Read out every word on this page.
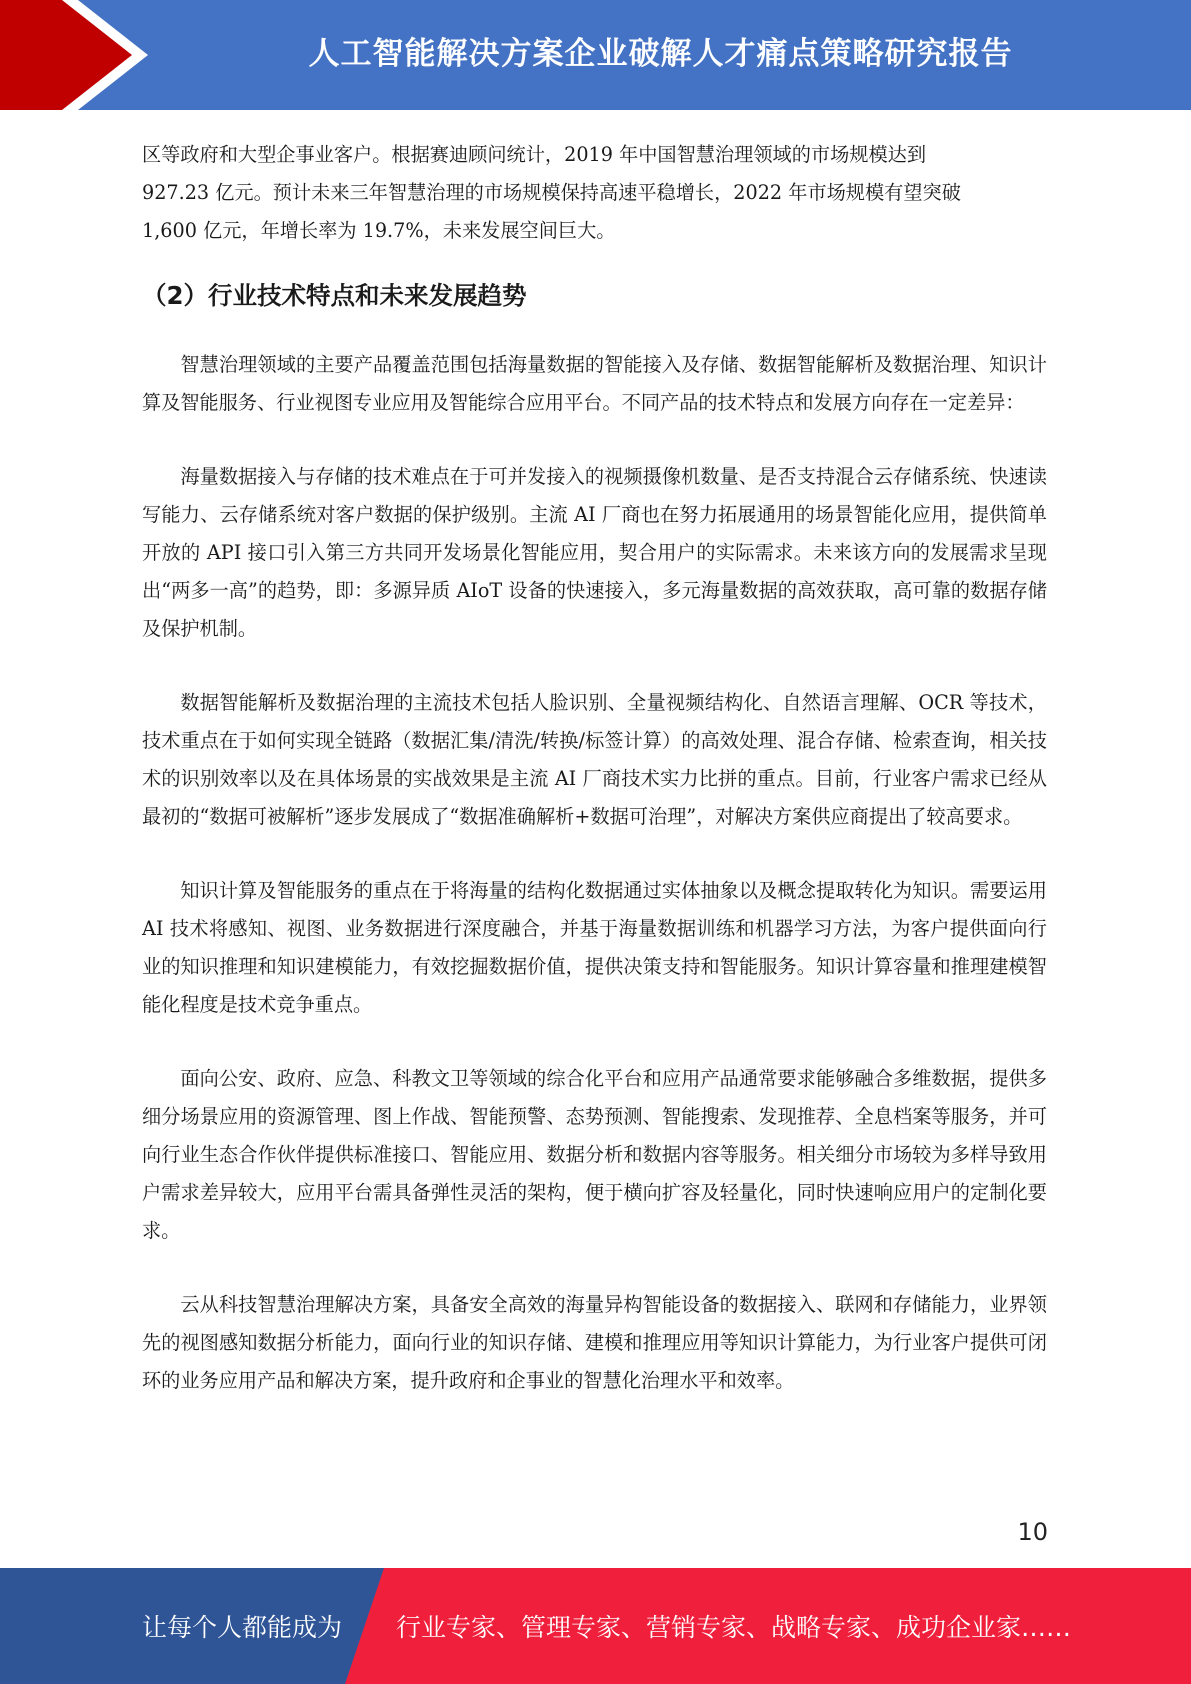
人工智能解决方案企业破解人才痛点策略研究报告

区等政府和大型企事业客户。根据赛迪顾问统计，2019 年中国智慧治理领域的市场规模达到

927.23 亿元。预计未来三年智慧治理的市场规模保持高速平稳增长，2022 年市场规模有望突破

1,600 亿元，年增长率为 19.7%，未来发展空间巨大。

（2）行业技术特点和未来发展趋势

智慧治理领域的主要产品覆盖范围包括海量数据的智能接入及存储、数据智能解析及数据治理、知识计算及智能服务、行业视图专业应用及智能综合应用平台。不同产品的技术特点和发展方向存在一定差异：

海量数据接入与存储的技术难点在于可并发接入的视频摄像机数量、是否支持混合云存储系统、快速读写能力、云存储系统对客户数据的保护级别。主流 AI 厂商也在努力拓展通用的场景智能化应用，提供简单开放的 API 接口引入第三方共同开发场景化智能应用，契合用户的实际需求。未来该方向的发展需求呈现出“两多一高”的趋势，即：多源异质 AIoT 设备的快速接入，多元海量数据的高效获取，高可靠的数据存储及保护机制。

数据智能解析及数据治理的主流技术包括人脸识别、全量视频结构化、自然语言理解、OCR 等技术，技术重点在于如何实现全链路（数据汇集/清洗/转换/标签计算）的高效处理、混合存储、检索查询，相关技术的识别效率以及在具体场景的实战效果是主流 AI 厂商技术实力比拼的重点。目前，行业客户需求已经从最初的“数据可被解析”逐步发展成了“数据准确解析+数据可治理”，对解决方案供应商提出了较高要求。

知识计算及智能服务的重点在于将海量的结构化数据通过实体抽象以及概念提取转化为知识。需要运用 AI 技术将感知、视图、业务数据进行深度融合，并基于海量数据训练和机器学习方法，为客户提供面向行业的知识推理和知识建模能力，有效挖掘数据价值，提供决策支持和智能服务。知识计算容量和推理建模智能化程度是技术竞争重点。

面向公安、政府、应急、科教文卫等领域的综合化平台和应用产品通常要求能够融合多维数据，提供多细分场景应用的资源管理、图上作战、智能预警、态势预测、智能搜索、发现推荐、全息档案等服务，并可向行业生态合作伙伴提供标准接口、智能应用、数据分析和数据内容等服务。相关细分市场较为多样导致用户需求差异较大，应用平台需具备弹性灵活的架构，便于横向扩容及轻量化，同时快速响应用户的定制化要求。

云从科技智慧治理解决方案，具备安全高效的海量异构智能设备的数据接入、联网和存储能力，业界领先的视图感知数据分析能力，面向行业的知识存储、建模和推理应用等知识计算能力，为行业客户提供可闭环的业务应用产品和解决方案，提升政府和企事业的智慧化治理水平和效率。

10
让每个人都能成为 行业专家、管理专家、营销专家、战略专家、成功企业家……
